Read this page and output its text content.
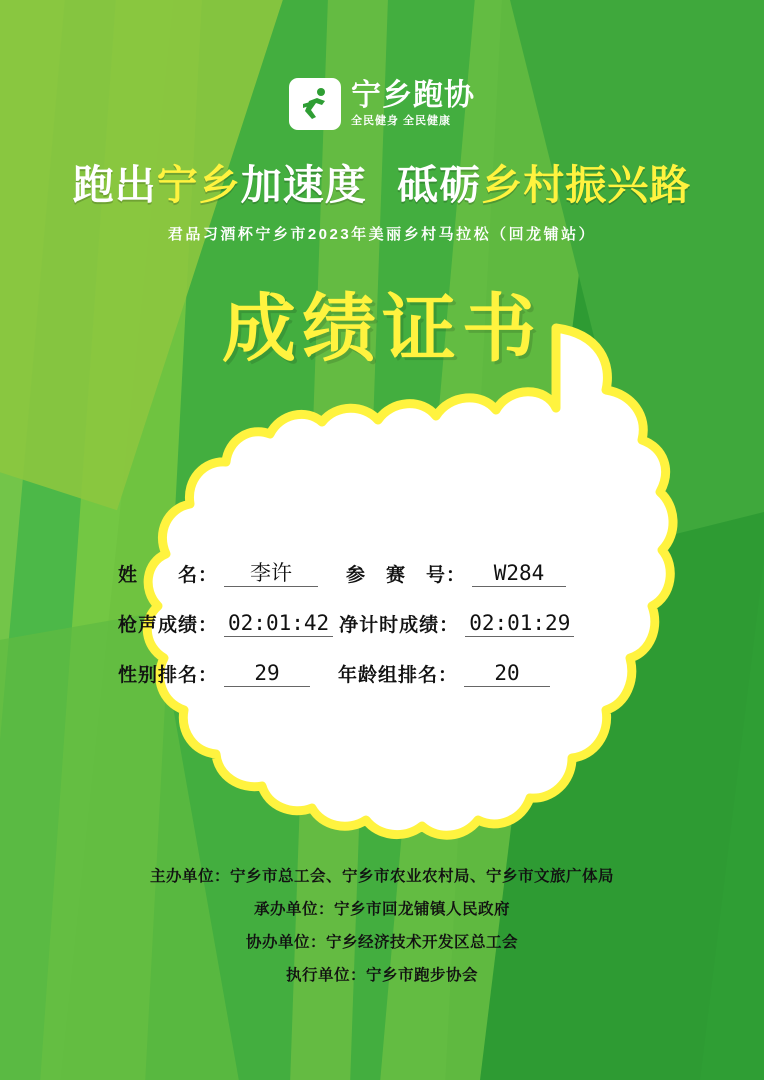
宁乡跑协
全民健身 全民健康
跑出宁乡加速度 砥砺乡村振兴路
君品习酒杯宁乡市2023年美丽乡村马拉松（回龙铺站）
成绩证书
姓　　名：	李许	参　赛　号：	W284
枪声成绩： 02:01:42 净计时成绩： 02:01:29
性别排名：	29	年龄组排名：	20
主办单位：宁乡市总工会、宁乡市农业农村局、宁乡市文旅广体局
承办单位：宁乡市回龙铺镇人民政府
协办单位：宁乡经济技术开发区总工会
执行单位：宁乡市跑步协会
